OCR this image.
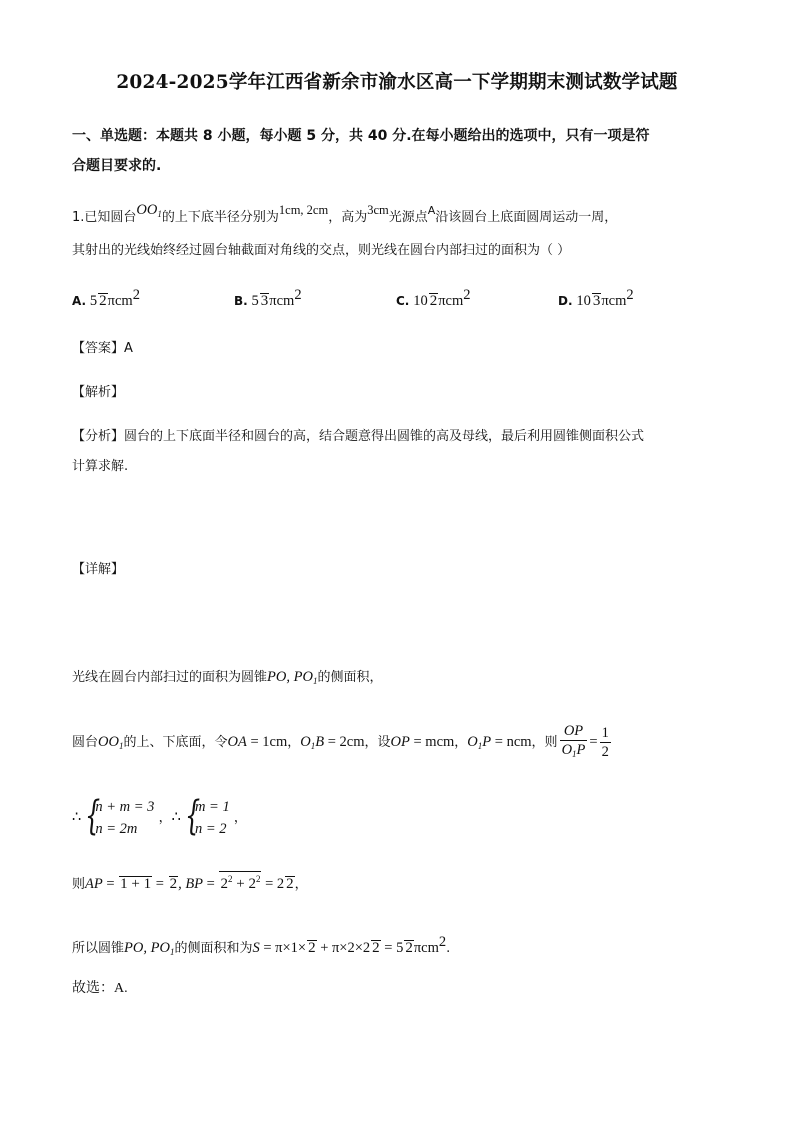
2024-2025学年江西省新余市渝水区高一下学期期末测试数学试题
一、单选题：本题共 8 小题，每小题 5 分，共 40 分.在每小题给出的选项中，只有一项是符
合题目要求的.
1.已知圆台$OO_1$的上下底半径分别为1cm, 2cm，高为3cm光源点$^A$沿该圆台上底面圆周运动一周，
其射出的光线始终经过圆台轴截面对角线的交点，则光线在圆台内部扫过的面积为（ ）
A. 5 2πcm$^2$	B. 5 3πcm$^2$	C. 10 2πcm$^2$	D. 10 3πcm$^2$
【答案】A
【解析】
【分析】圆台的上下底面半径和圆台的高，结合题意得出圆锥的高及母线，最后利用圆锥侧面积公式
计算求解.
【详解】
光线在圆台内部扫过的面积为圆锥PO, $PO_1$的侧面积，
圆台$OO_1$的上、下底面，令OA = 1cm，$O_1B = 2cm$，设OP = mcm，$O_1P$ = ncm，则 $\frac{OP}{O_1P} = \frac{1}{2}$
∴ {
n + m = 3
n = 2m
，∴ {
m = 1
n = 2
，
则AP = 1 + 1 = 2, BP = $2^2 + 2^2 = 2$ 2，
所以圆锥PO, $PO_1$的侧面积和为S = π×1× 2 + π×2×2 2 = 5 2πcm$^2$.
故选：A.
